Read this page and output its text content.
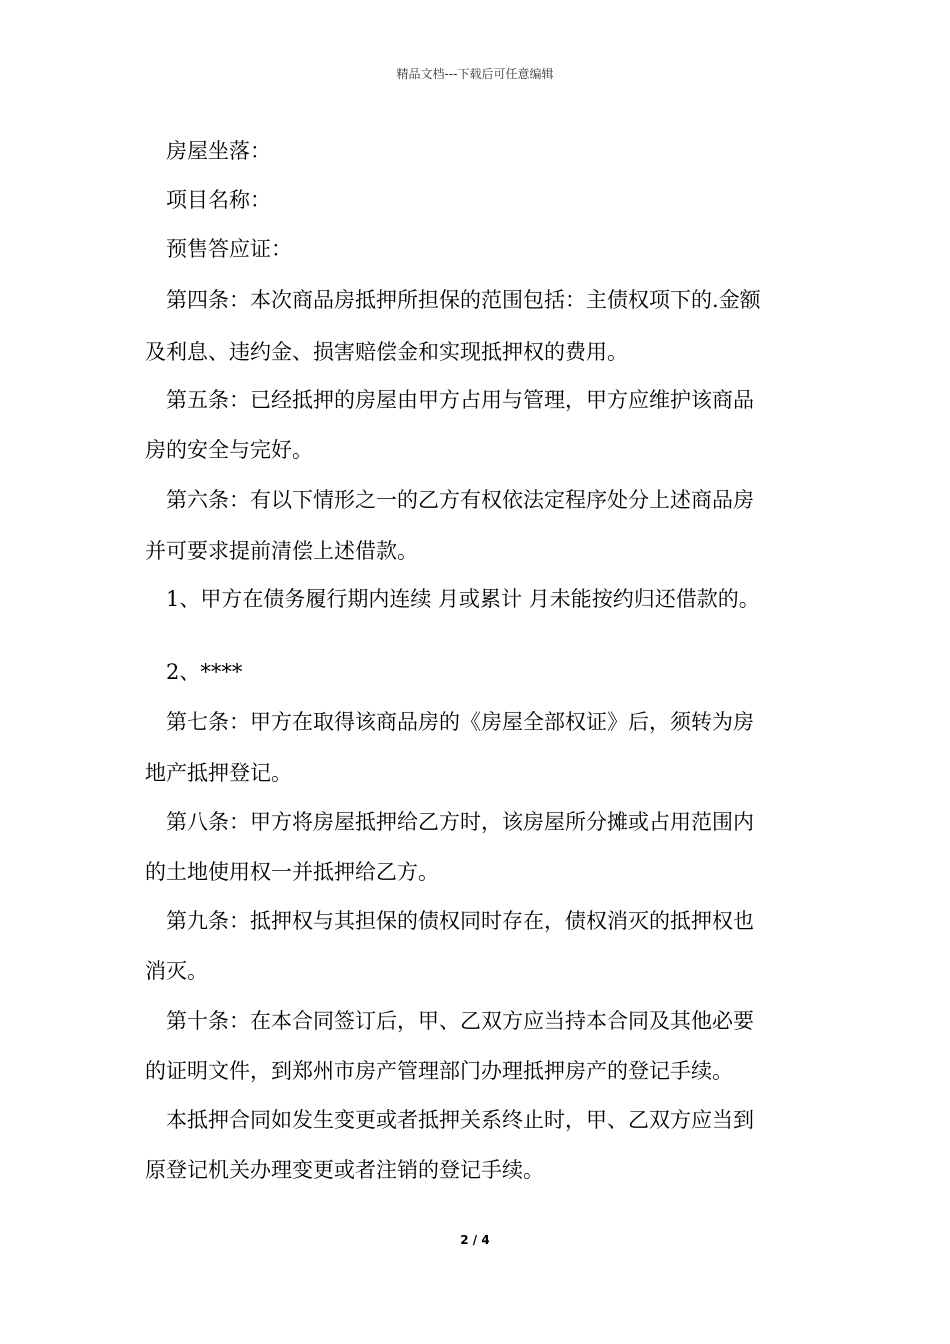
精品文档---下载后可任意编辑
房屋坐落：
项目名称：
预售答应证：
第四条：本次商品房抵押所担保的范围包括：主债权项下的.金额
及利息、违约金、损害赔偿金和实现抵押权的费用。
第五条：已经抵押的房屋由甲方占用与管理，甲方应维护该商品
房的安全与完好。
第六条：有以下情形之一的乙方有权依法定程序处分上述商品房
并可要求提前清偿上述借款。
1、甲方在债务履行期内连续 月或累计 月未能按约归还借款的。
2、****
第七条：甲方在取得该商品房的《房屋全部权证》后，须转为房
地产抵押登记。
第八条：甲方将房屋抵押给乙方时，该房屋所分摊或占用范围内
的土地使用权一并抵押给乙方。
第九条：抵押权与其担保的债权同时存在，债权消灭的抵押权也
消灭。
第十条：在本合同签订后，甲、乙双方应当持本合同及其他必要
的证明文件，到郑州市房产管理部门办理抵押房产的登记手续。
本抵押合同如发生变更或者抵押关系终止时，甲、乙双方应当到
原登记机关办理变更或者注销的登记手续。
2 / 4
